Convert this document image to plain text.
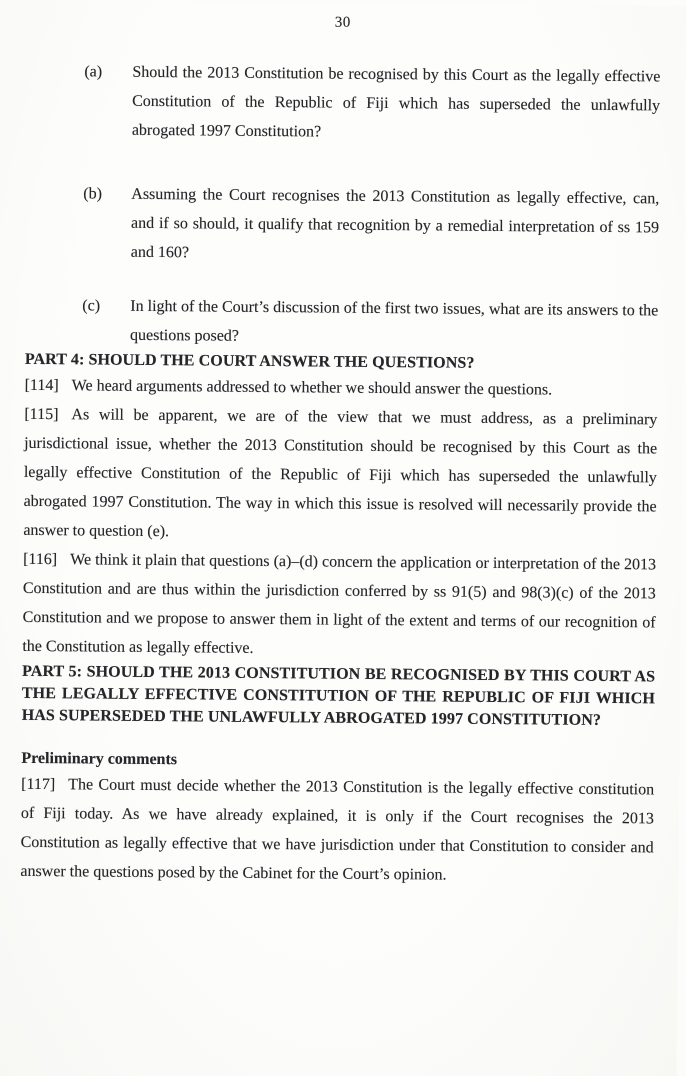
30
(a)	Should the 2013 Constitution be recognised by this Court as the legally effective Constitution of the Republic of Fiji which has superseded the unlawfully abrogated 1997 Constitution?
(b)	Assuming the Court recognises the 2013 Constitution as legally effective, can, and if so should, it qualify that recognition by a remedial interpretation of ss 159 and 160?
(c)	In light of the Court’s discussion of the first two issues, what are its answers to the questions posed?
PART 4: SHOULD THE COURT ANSWER THE QUESTIONS?

[114] We heard arguments addressed to whether we should answer the questions.

[115] As will be apparent, we are of the view that we must address, as a preliminary jurisdictional issue, whether the 2013 Constitution should be recognised by this Court as the legally effective Constitution of the Republic of Fiji which has superseded the unlawfully abrogated 1997 Constitution. The way in which this issue is resolved will necessarily provide the answer to question (e).

[116] We think it plain that questions (a)–(d) concern the application or interpretation of the 2013 Constitution and are thus within the jurisdiction conferred by ss 91(5) and 98(3)(c) of the 2013 Constitution and we propose to answer them in light of the extent and terms of our recognition of the Constitution as legally effective.

PART 5: SHOULD THE 2013 CONSTITUTION BE RECOGNISED BY THIS COURT AS THE LEGALLY EFFECTIVE CONSTITUTION OF THE REPUBLIC OF FIJI WHICH HAS SUPERSEDED THE UNLAWFULLY ABROGATED 1997 CONSTITUTION?
Preliminary comments

[117] The Court must decide whether the 2013 Constitution is the legally effective constitution of Fiji today. As we have already explained, it is only if the Court recognises the 2013 Constitution as legally effective that we have jurisdiction under that Constitution to consider and answer the questions posed by the Cabinet for the Court’s opinion.
